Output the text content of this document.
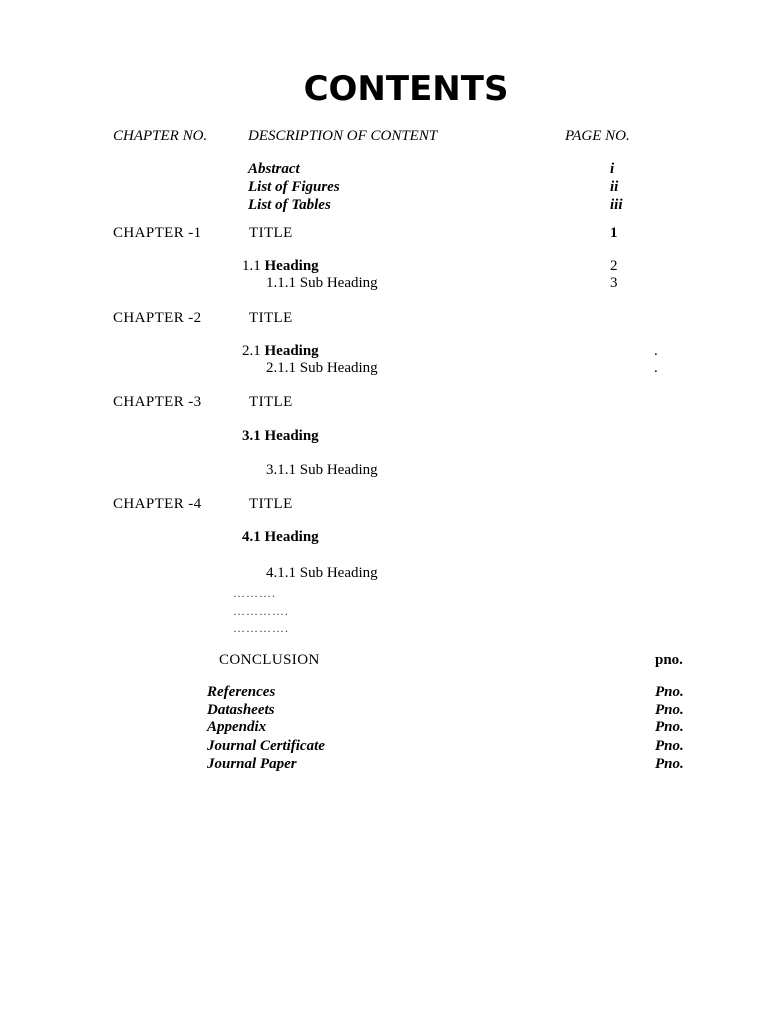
CONTENTS
CHAPTER NO.	DESCRIPTION OF CONTENT	PAGE NO.
Abstract	i
List of Figures	ii
List of Tables	iii
CHAPTER -1	TITLE	1
1.1 Heading	2
1.1.1 Sub Heading	3
CHAPTER -2	TITLE
2.1 Heading	.
2.1.1 Sub Heading	.
CHAPTER -3	TITLE
3.1 Heading
3.1.1 Sub Heading
CHAPTER -4	TITLE
4.1 Heading
4.1.1 Sub Heading
……….
………….
………….
CONCLUSION	pno.
References	Pno.
Datasheets	Pno.
Appendix	Pno.
Journal Certificate	Pno.
Journal Paper	Pno.
